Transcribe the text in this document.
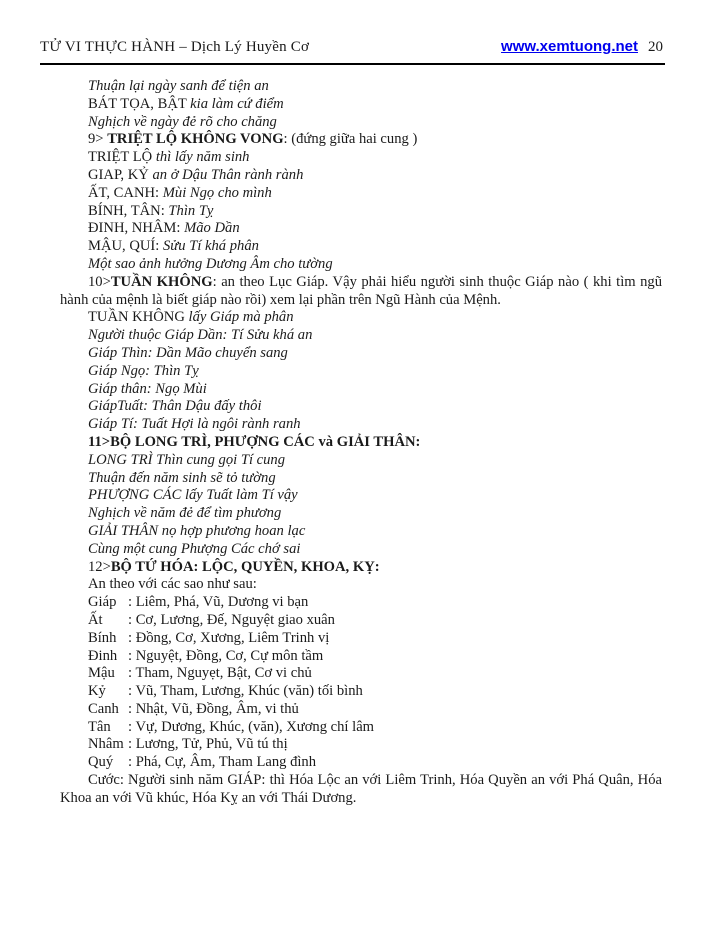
TỬ VI THỰC HÀNH – Dịch Lý Huyền Cơ	www.xemtuong.net 20
Thuận lại ngày sanh để tiện an
BÁT TỌA, BẬT kia làm cứ điểm
Nghịch về ngày đẻ rõ cho chăng
9> TRIỆT LỘ KHÔNG VONG: (đứng giữa hai cung )
TRIỆT LỘ thì lấy năm sinh
GIAP, KỶ an ở Dậu Thân rành rành
ẤT, CANH: Mùi Ngọ cho mình
BÍNH, TÂN: Thìn Tỵ
ĐINH, NHÂM: Mão Dần
MẬU, QUÍ: Sửu Tí khá phân
Một sao ảnh hưởng Dương Âm cho tường
10>TUẦN KHÔNG: an theo Lục Giáp. Vậy phải hiểu người sinh thuộc Giáp nào ( khi tìm ngũ hành của mệnh là biết giáp nào rồi) xem lại phần trên Ngũ Hành của Mệnh.
TUẦN KHÔNG lấy Giáp mà phân
Người thuộc Giáp Dần: Tí Sửu khá an
Giáp Thìn: Dần Mão chuyển sang
Giáp Ngọ: Thìn Tỵ
Giáp thân: Ngọ Mùi
GiápTuất: Thân Dậu đấy thôi
Giáp Tí: Tuất Hợi là ngôi rành ranh
11>BỘ LONG TRÌ, PHƯỢNG CÁC và GIẢI THÂN:
LONG TRÌ Thìn cung gọi Tí cung
Thuận đến năm sinh sẽ tỏ tường
PHƯỢNG CÁC lấy Tuất làm Tí vậy
Nghịch về năm đẻ để tìm phương
GIẢI THÂN nọ hợp phương hoan lạc
Cùng một cung Phượng Các chớ sai
12>BỘ TỨ HÓA: LỘC, QUYỀN, KHOA, KỴ:
An theo với các sao như sau:
Giáp : Liêm, Phá, Vũ, Dương vi bạn
Ất : Cơ, Lương, Đế, Nguyệt giao xuân
Bính : Đồng, Cơ, Xương, Liêm Trinh vị
Đinh : Nguyệt, Đồng, Cơ, Cự môn tầm
Mậu : Tham, Nguyẹt, Bật, Cơ vi chủ
Kỷ : Vũ, Tham, Lương, Khúc (văn) tối bình
Canh : Nhật, Vũ, Đồng, Âm, vi thủ
Tân : Vự, Dương, Khúc, (văn), Xương chí lâm
Nhâm : Lương, Tử, Phủ, Vũ tú thị
Quý : Phá, Cự, Âm, Tham Lang đình
Cước: Người sinh năm GIÁP: thì Hóa Lộc an với Liêm Trinh, Hóa Quyền an với Phá Quân, Hóa Khoa an với Vũ khúc, Hóa Kỵ an với Thái Dương.
